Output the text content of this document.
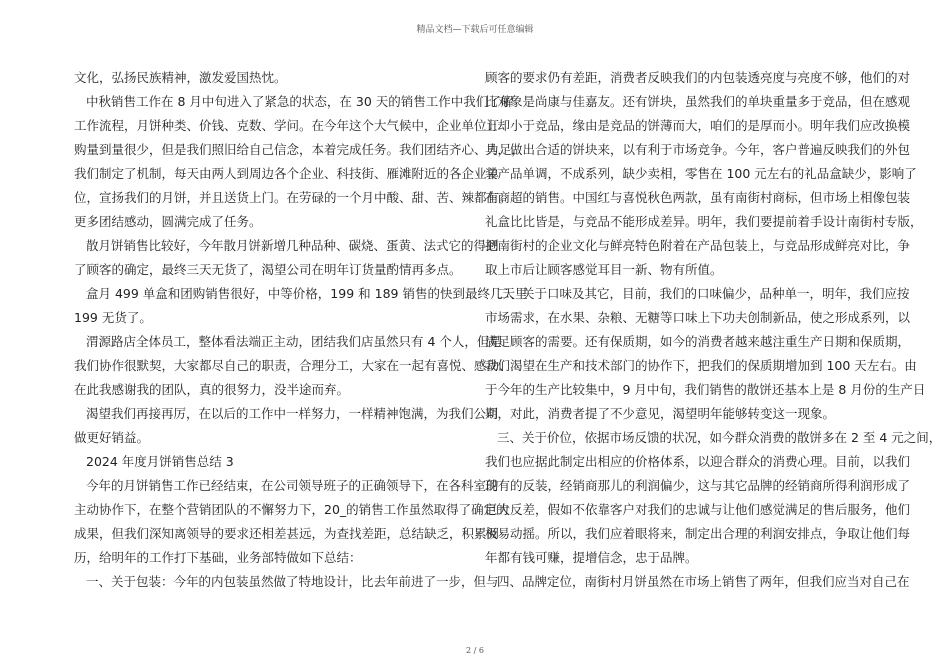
精品文档—下载后可任意编辑
文化，弘扬民族精神，激发爱国热忱。
中秋销售工作在 8 月中旬进入了紧急的状态，在 30 天的销售工作中我们了解
工作流程，月饼种类、价钱、克数、学问。在今年这个大气候中，企业单位订
购量到量很少，但是我们照旧给自己信念，本着完成任务。我们团结齐心、力足，
我们制定了机制，每天由两人到周边各个企业、科技街、雁滩附近的各企业单
位，宣扬我们的月饼，并且送货上门。在劳碌的一个月中酸、甜、苦、辣都有。
更多团结感动，圆满完成了任务。
散月饼销售比较好，今年散月饼新增几种品种、碳烧、蛋黄、法式它的得到
了顾客的确定，最终三天无货了，渴望公司在明年订货量酌情再多点。
盒月 499 单盒和团购销售很好，中等价格，199 和 189 销售的快到最终几天里
199 无货了。
渭源路店全体员工，整体看法端正主动，团结我们店虽然只有 4 个人，但是
我们协作很默契，大家都尽自己的职责，合理分工，大家在一起有喜悦、感动、
在此我感谢我的团队，真的很努力，没半途而弃。
渴望我们再接再厉，在以后的工作中一样努力，一样精神饱满，为我们公司
做更好销益。
2024 年度月饼销售总结 3
今年的月饼销售工作已经结束，在公司领导班子的正确领导下，在各科室的
主动协作下，在整个营销团队的不懈努力下，20_的销售工作虽然取得了确定的
成果，但我们深知离领导的要求还相差甚远，为查找差距，总结缺乏，积累阅
历，给明年的工作打下基础，业务部特做如下总结：
一、关于包装：今年的内包装虽然做了特地设计，比去年前进了一步，但与
顾客的要求仍有差距，消费者反映我们的内包装透亮度与亮度不够，他们的对
比对象是尚康与佳嘉友。还有饼块，虽然我们的单块重量多于竞品，但在感观
上却小于竞品，缘由是竞品的饼薄而大，咱们的是厚而小。明年我们应改换模
具，做出合适的饼块来，以有利于市场竞争。今年，客户普遍反映我们的外包
装产品单调，不成系列，缺少卖相，零售在 100 元左右的礼品盒缺少，影响了
在商超的销售。中国红与喜悦秋色两款，虽有南街村商标，但市场上相像包装
礼盒比比皆是，与竞品不能形成差异。明年，我们要提前着手设计南街村专版，
把南街村的企业文化与鲜亮特色附着在产品包装上，与竞品形成鲜亮对比，争
取上市后让顾客感觉耳目一新、物有所值。
二、关于口味及其它，目前，我们的口味偏少，品种单一，明年，我们应按
市场需求，在水果、杂粮、无糖等口味上下功夫创制新品，使之形成系列，以
满足顾客的需要。还有保质期，如今的消费者越来越注重生产日期和保质期，
我们渴望在生产和技术部门的协作下，把我们的保质期增加到 100 天左右。由
于今年的生产比较集中，9 月中旬，我们销售的散饼还基本上是 8 月份的生产日
期，对此，消费者提了不少意见，渴望明年能够转变这一现象。
三、关于价位，依据市场反馈的状况，如今群众消费的散饼多在 2 至 4 元之间，
我们也应据此制定出相应的价格体系，以迎合群众的消费心理。目前，以我们
现有的反装，经销商那儿的利润偏少，这与其它品牌的经销商所得利润形成了
巨大反差，假如不依靠客户对我们的忠诚与让他们感觉满足的售后服务，他们
极易动摇。所以，我们应着眼将来，制定出合理的利润安排点，争取让他们每
年都有钱可赚，提增信念，忠于品牌。
四、品牌定位，南街村月饼虽然在市场上销售了两年，但我们应当对自己在
2 / 6
